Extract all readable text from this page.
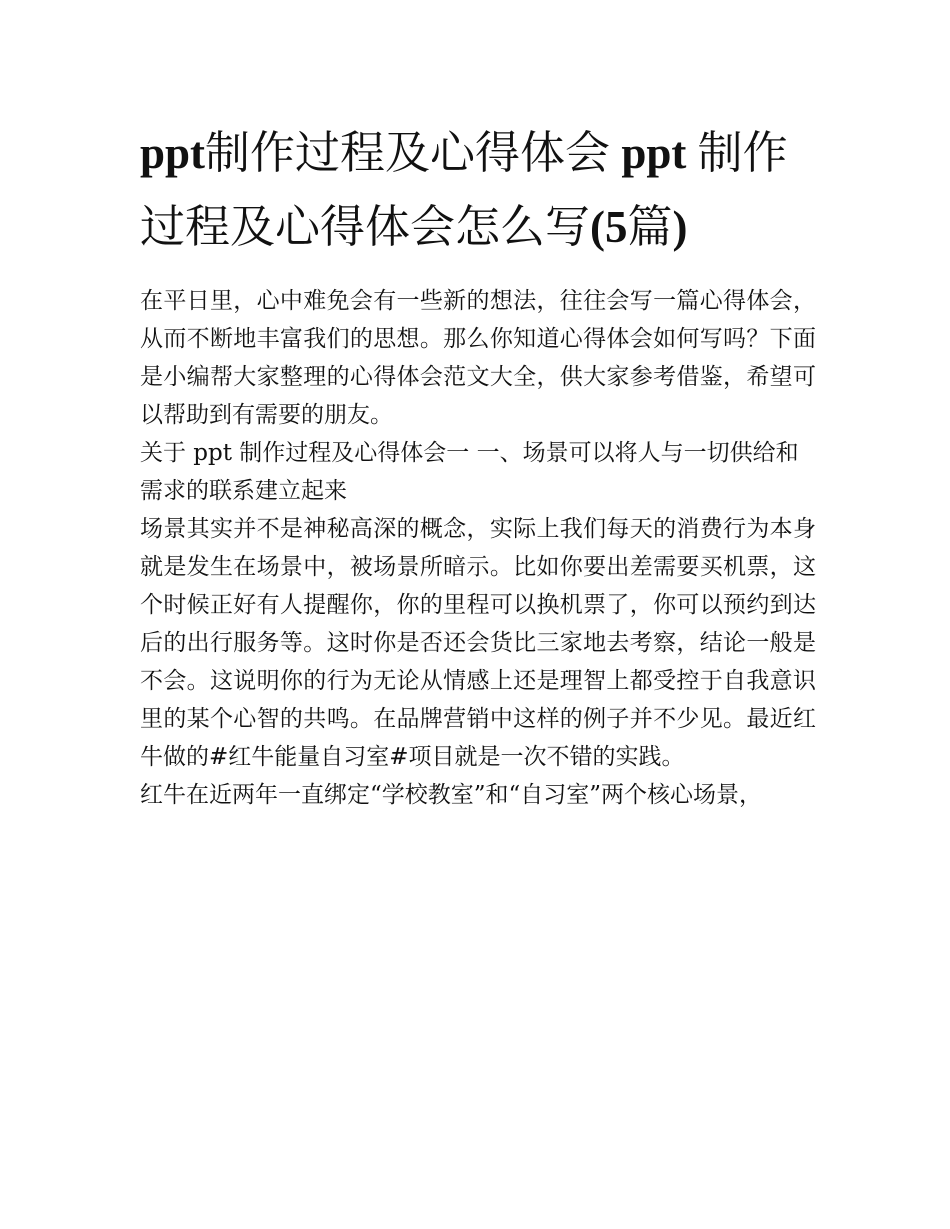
ppt制作过程及心得体会 ppt 制作过程及心得体会怎么写(5篇)

在平日里，心中难免会有一些新的想法，往往会写一篇心得体会，从而不断地丰富我们的思想。那么你知道心得体会如何写吗？下面是小编帮大家整理的心得体会范文大全，供大家参考借鉴，希望可以帮助到有需要的朋友。

关于 ppt 制作过程及心得体会一 一、场景可以将人与一切供给和需求的联系建立起来

场景其实并不是神秘高深的概念，实际上我们每天的消费行为本身就是发生在场景中，被场景所暗示。比如你要出差需要买机票，这个时候正好有人提醒你，你的里程可以换机票了，你可以预约到达后的出行服务等。这时你是否还会货比三家地去考察，结论一般是不会。这说明你的行为无论从情感上还是理智上都受控于自我意识里的某个心智的共鸣。在品牌营销中这样的例子并不少见。最近红牛做的#红牛能量自习室#项目就是一次不错的实践。

红牛在近两年一直绑定“学校教室”和“自习室”两个核心场景，
